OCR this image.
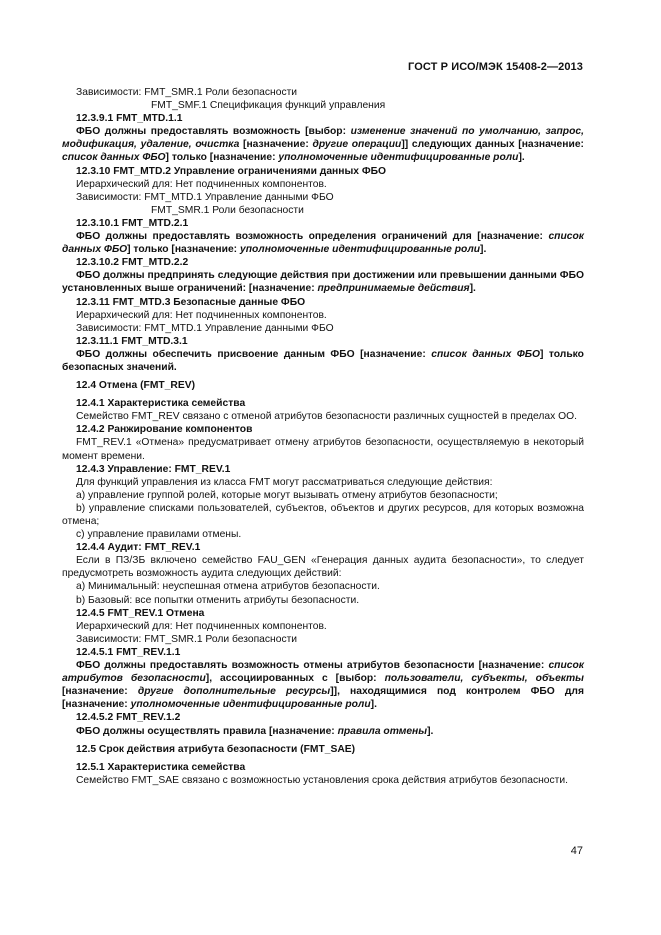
ГОСТ Р ИСО/МЭК 15408-2—2013

Зависимости: FMT_SMR.1 Роли безопасности

FMT_SMF.1 Спецификация функций управления

12.3.9.1 FMT_MTD.1.1

ФБО должны предоставлять возможность [выбор: изменение значений по умолчанию, запрос, модификация, удаление, очистка [назначение: другие операции]] следующих данных [назначение: список данных ФБО] только [назначение: уполномоченные идентифицированные роли].

12.3.10 FMT_MTD.2 Управление ограничениями данных ФБО

Иерархический для: Нет подчиненных компонентов.

Зависимости: FMT_MTD.1 Управление данными ФБО

FMT_SMR.1 Роли безопасности

12.3.10.1 FMT_MTD.2.1

ФБО должны предоставлять возможность определения ограничений для [назначение: список данных ФБО] только [назначение: уполномоченные идентифицированные роли].

12.3.10.2 FMT_MTD.2.2

ФБО должны предпринять следующие действия при достижении или превышении данными ФБО установленных выше ограничений: [назначение: предпринимаемые действия].

12.3.11 FMT_MTD.3 Безопасные данные ФБО

Иерархический для: Нет подчиненных компонентов.

Зависимости: FMT_MTD.1 Управление данными ФБО

12.3.11.1 FMT_MTD.3.1

ФБО должны обеспечить присвоение данным ФБО [назначение: список данных ФБО] только безопасных значений.

12.4 Отмена (FMT_REV)

12.4.1 Характеристика семейства

Семейство FMT_REV связано с отменой атрибутов безопасности различных сущностей в пределах ОО.

12.4.2 Ранжирование компонентов

FMT_REV.1 «Отмена» предусматривает отмену атрибутов безопасности, осуществляемую в некоторый момент времени.

12.4.3 Управление: FMT_REV.1

Для функций управления из класса FMT могут рассматриваться следующие действия:

a) управление группой ролей, которые могут вызывать отмену атрибутов безопасности;

b) управление списками пользователей, субъектов, объектов и других ресурсов, для которых возможна отмена;

c) управление правилами отмены.

12.4.4 Аудит: FMT_REV.1

Если в ПЗ/ЗБ включено семейство FAU_GEN «Генерация данных аудита безопасности», то следует предусмотреть возможность аудита следующих действий:

a) Минимальный: неуспешная отмена атрибутов безопасности.

b) Базовый: все попытки отменить атрибуты безопасности.

12.4.5 FMT_REV.1 Отмена

Иерархический для: Нет подчиненных компонентов.

Зависимости: FMT_SMR.1 Роли безопасности

12.4.5.1 FMT_REV.1.1

ФБО должны предоставлять возможность отмены атрибутов безопасности [назначение: список атрибутов безопасности], ассоциированных с [выбор: пользователи, субъекты, объекты [назначение: другие дополнительные ресурсы]], находящимися под контролем ФБО для [назначение: уполномоченные идентифицированные роли].

12.4.5.2 FMT_REV.1.2

ФБО должны осуществлять правила [назначение: правила отмены].

12.5 Срок действия атрибута безопасности (FMT_SAE)

12.5.1 Характеристика семейства

Семейство FMT_SAE связано с возможностью установления срока действия атрибутов безопасности.

47
